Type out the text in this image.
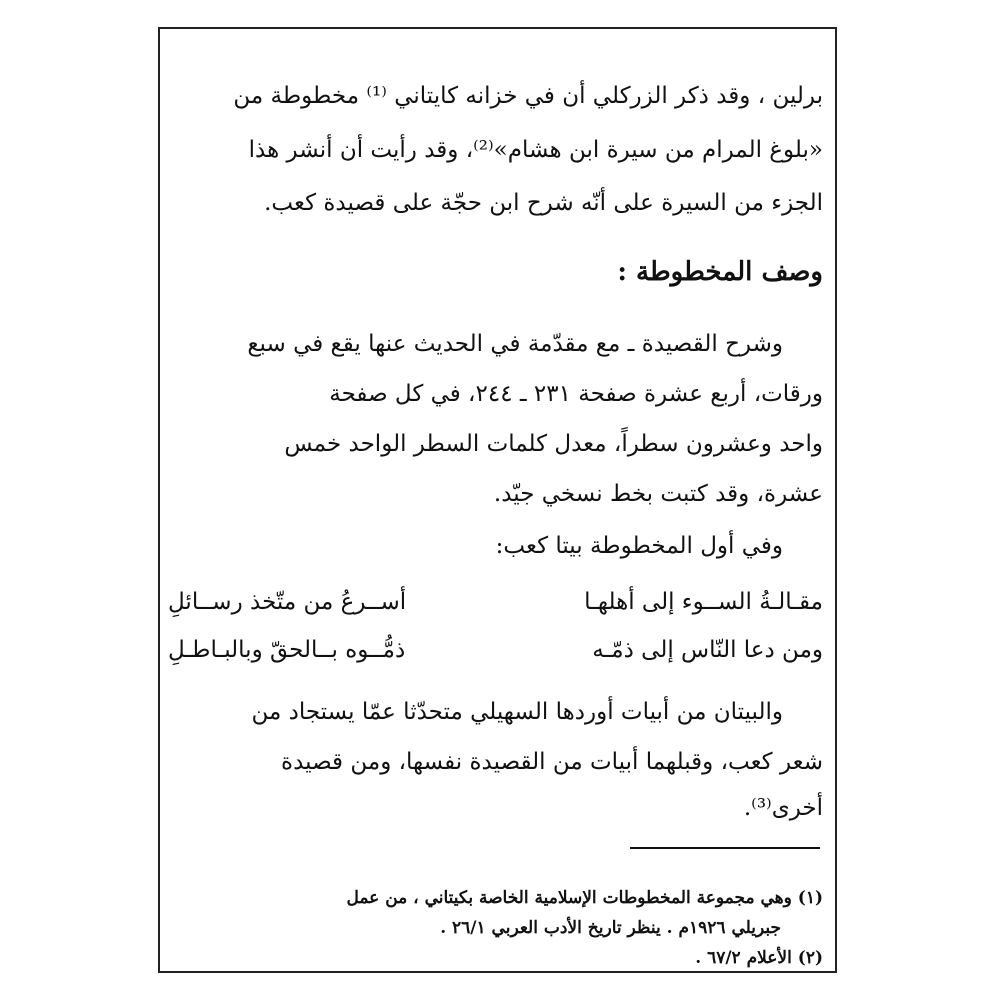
برلين ، وقد ذكر الزركلي أن في خزانه كايتاني ⁽¹⁾ مخطوطة من

«بلوغ المرام من سيرة ابن هشام»⁽²⁾، وقد رأيت أن أنشر هذا

الجزء من السيرة على أنّه شرح ابن حجّة على قصيدة كعب.

وصف المخطوطة :

وشرح القصيدة ـ مع مقدّمة في الحديث عنها يقع في سبع

ورقات، أربع عشرة صفحة ٢٣١ ـ ٢٤٤، في كل صفحة

واحد وعشرون سطراً، معدل كلمات السطر الواحد خمس

عشرة، وقد كتبت بخط نسخي جيّد.

وفي أول المخطوطة بيتا كعب:

مقـالـةُ الســوء إلى أهلهـا
أســرعُ من متّخذ رســائلِ
ومن دعا النّاس إلى ذمّـه
ذمُّــوه بــالحقّ وبالبـاطـلِ

والبيتان من أبيات أوردها السهيلي متحدّثا عمّا يستجاد من

شعر كعب، وقبلهما أبيات من القصيدة نفسها، ومن قصيدة

أخرى⁽³⁾.

(١) وهي مجموعة المخطوطات الإسلامية الخاصة بكيتاني ، من عمل

جبريلي ١٩٢٦م . ينظر تاريخ الأدب العربي ٢٦/١ .

(٢) الأعلام ٦٧/٢ .
